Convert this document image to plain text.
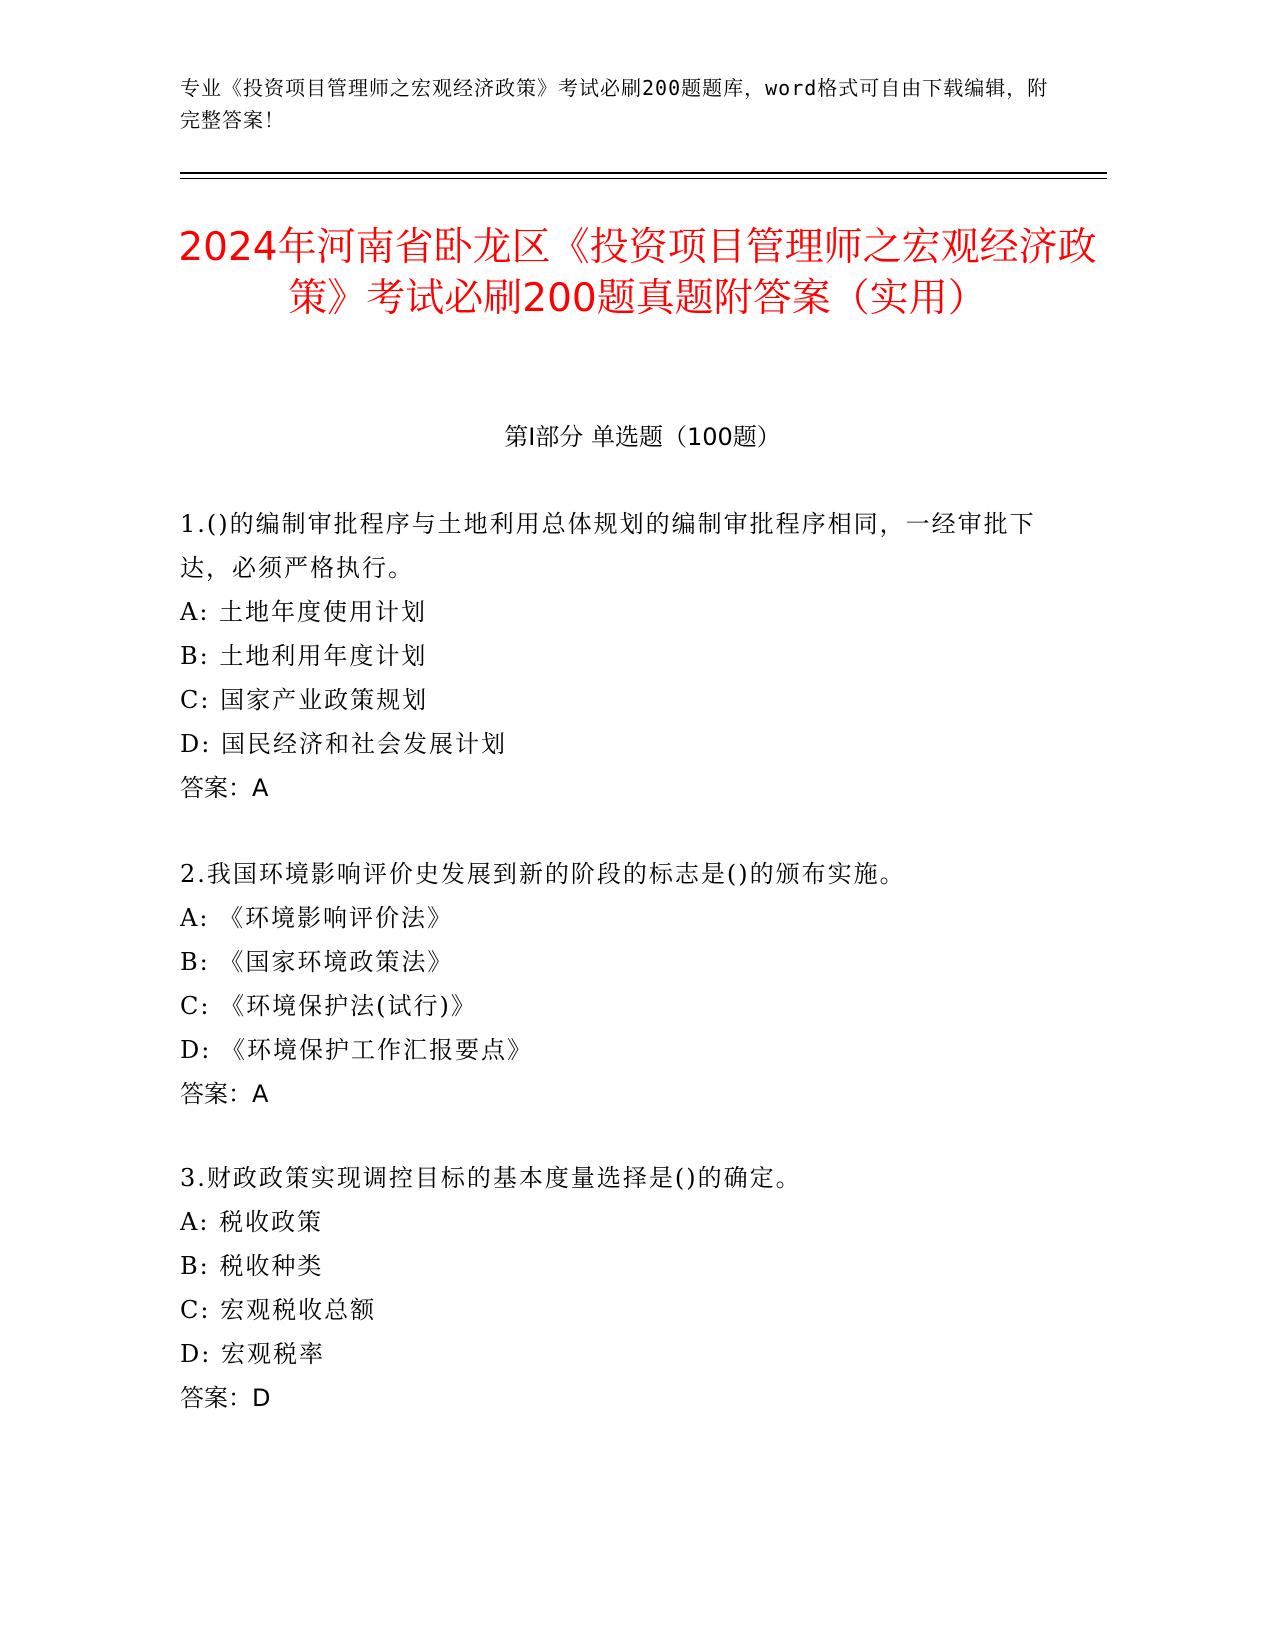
专业《投资项目管理师之宏观经济政策》考试必刷200题题库，word格式可自由下载编辑，附完整答案！
2024年河南省卧龙区《投资项目管理师之宏观经济政策》考试必刷200题真题附答案（实用）
第Ⅰ部分 单选题（100题）
1.()的编制审批程序与土地利用总体规划的编制审批程序相同，一经审批下达，必须严格执行。
A: 土地年度使用计划
B: 土地利用年度计划
C: 国家产业政策规划
D: 国民经济和社会发展计划
答案：A
2.我国环境影响评价史发展到新的阶段的标志是()的颁布实施。
A: 《环境影响评价法》
B: 《国家环境政策法》
C: 《环境保护法(试行)》
D: 《环境保护工作汇报要点》
答案：A
3.财政政策实现调控目标的基本度量选择是()的确定。
A: 税收政策
B: 税收种类
C: 宏观税收总额
D: 宏观税率
答案：D
